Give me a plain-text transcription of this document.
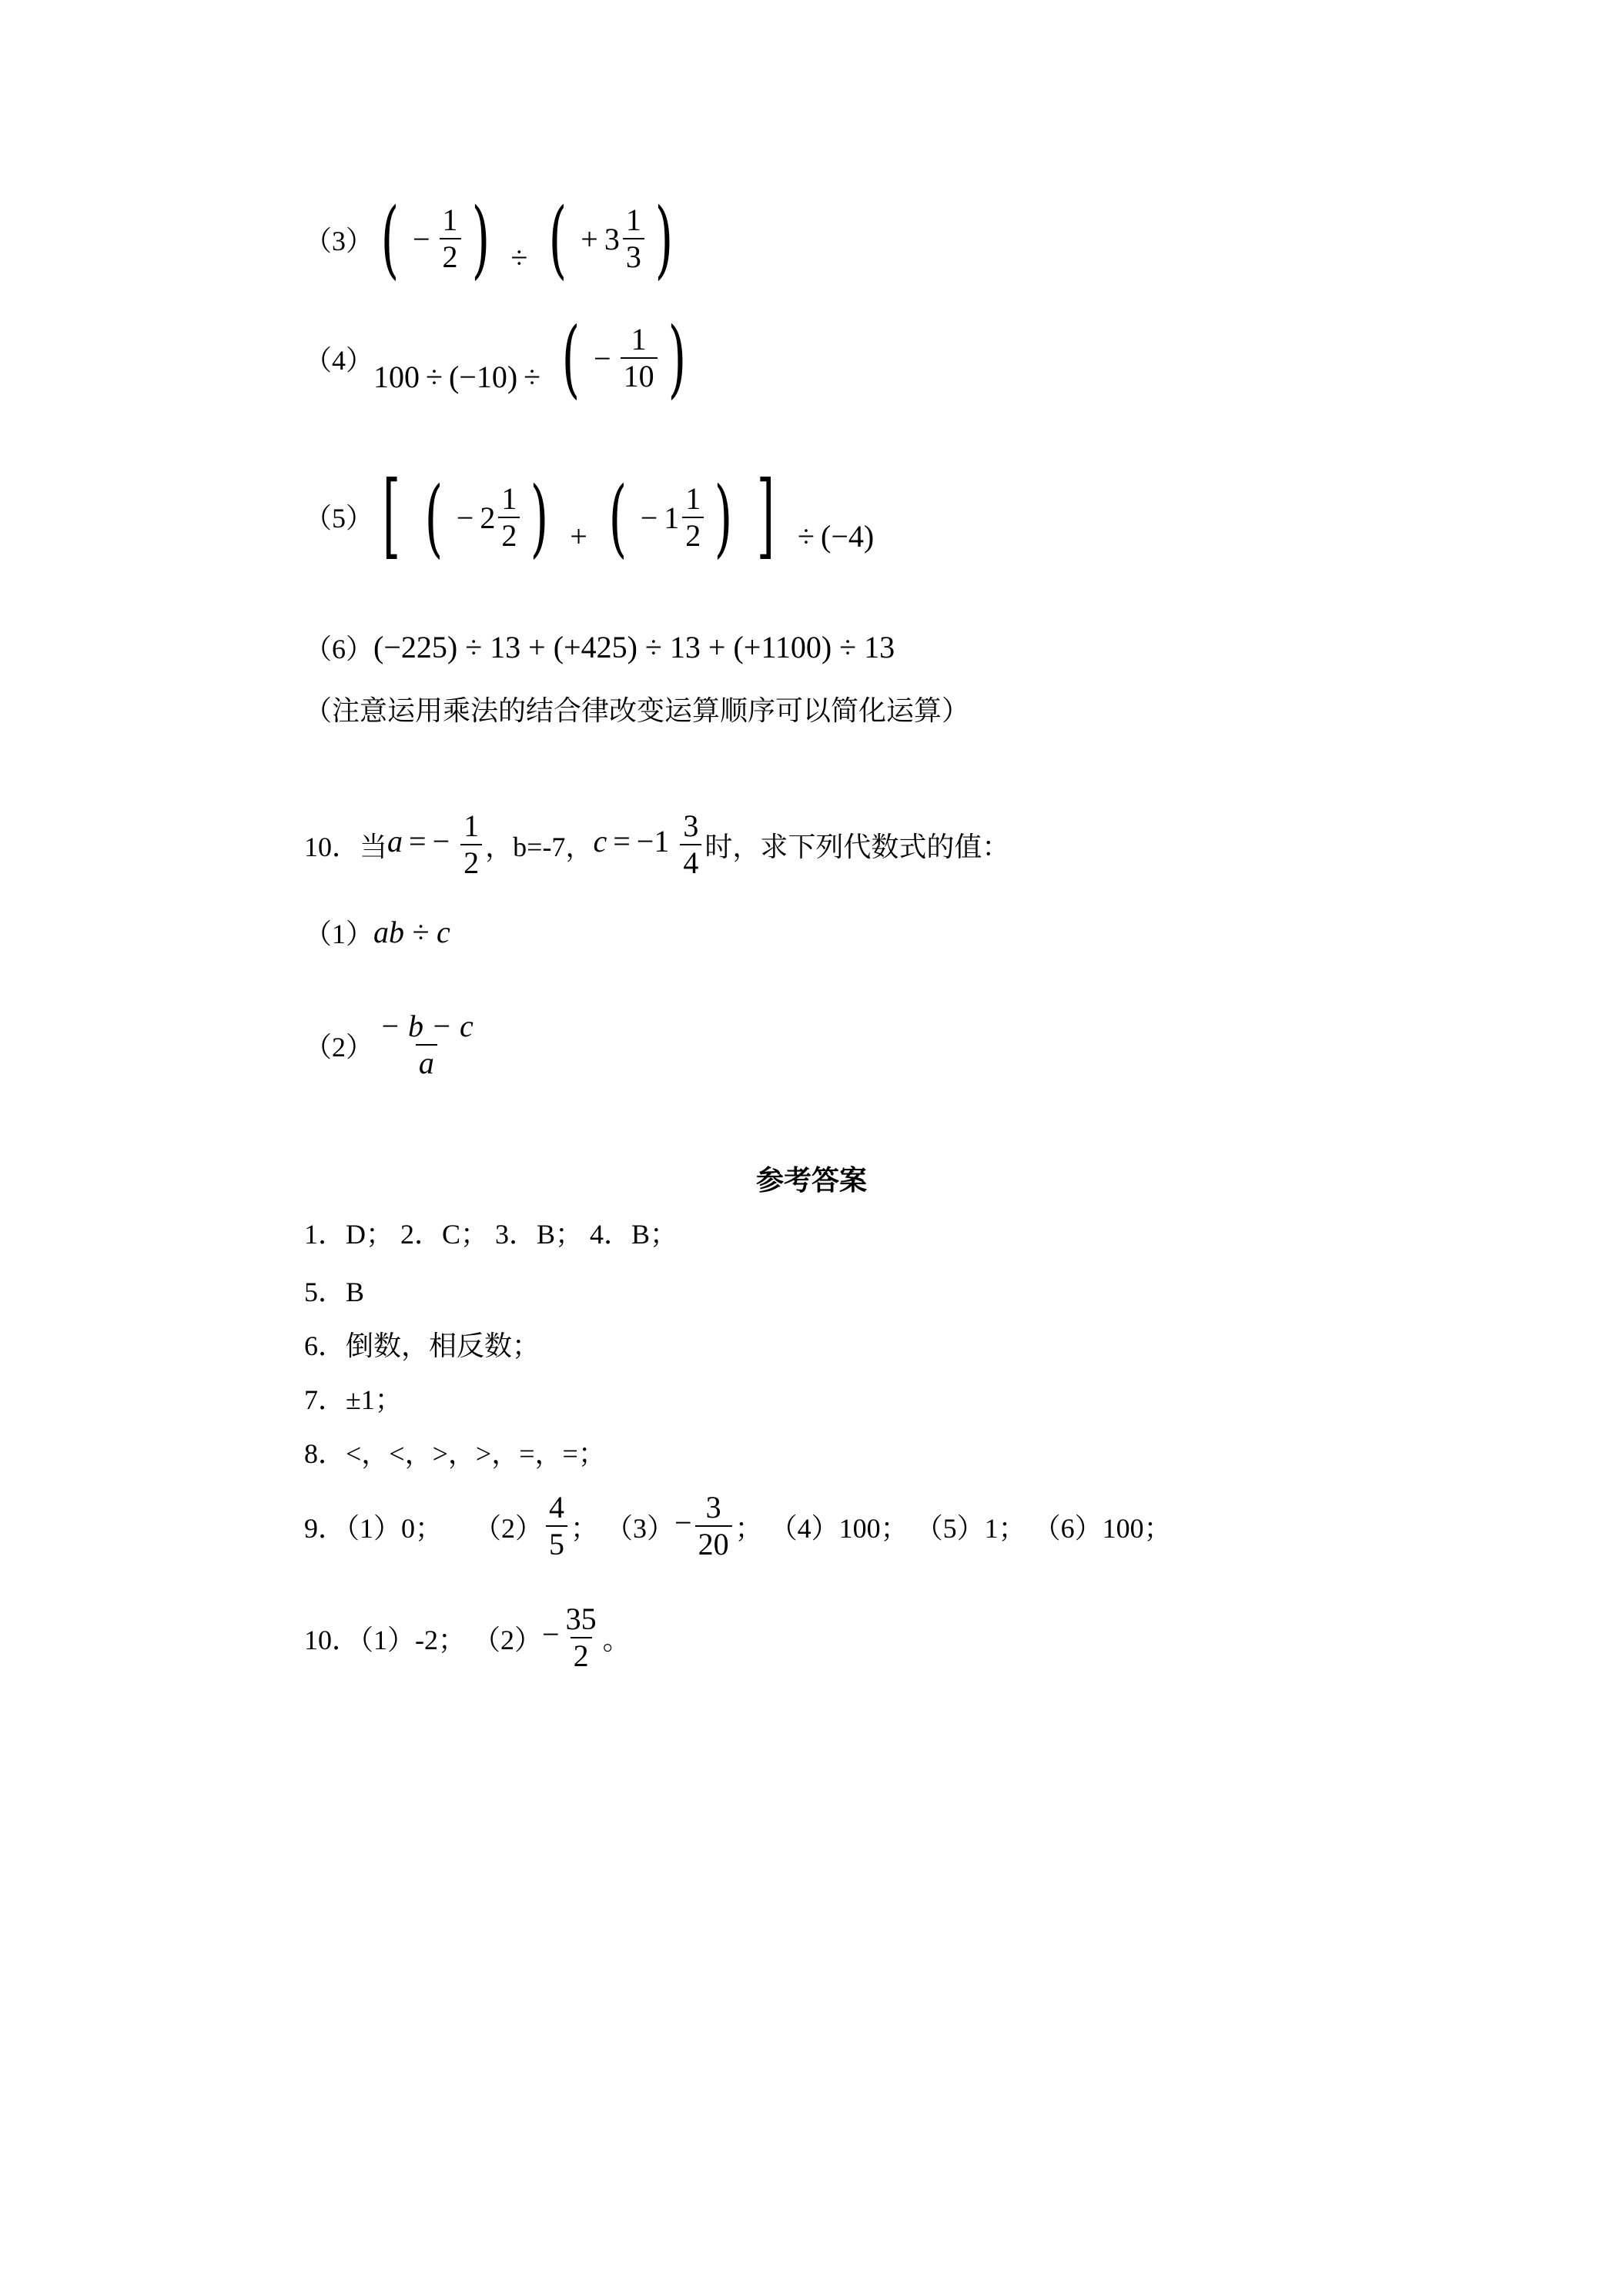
（3） ( − $\frac{1}{2}$ ) ÷ ( + $3 \frac{1}{3}$ )
（4） 100 ÷ (−10) ÷ ( − $\frac{1}{10}$ )
（5） [ ( − $2 \frac{1}{2}$ ) + ( − $1 \frac{1}{2}$ ) ] ÷ (−4)
（6） (−225) ÷ 13 + (+425) ÷ 13 + (+1100) ÷ 13
（注意运用乘法的结合律改变运算顺序可以简化运算）
10．当 a = − $\frac{1}{2}$ ，b=-7， $c = -1 \frac{3}{4}$ 时，求下列代数式的值：
（1） ab ÷ c
$(2) \frac{- b - c}{a}$
参考答案
1．D； 2．C； 3．B； 4．B；
5．B
6．倒数，相反数；
7．±1；
8．<，<，>，>，=，=；
9．（1）0； $(2) \frac{4}{5}$ ； $(3) - \frac{3}{20}$ ； （4）100； （5）1； （6）100；
10．（1）-2； $(2) - \frac{35}{2}$ 。
